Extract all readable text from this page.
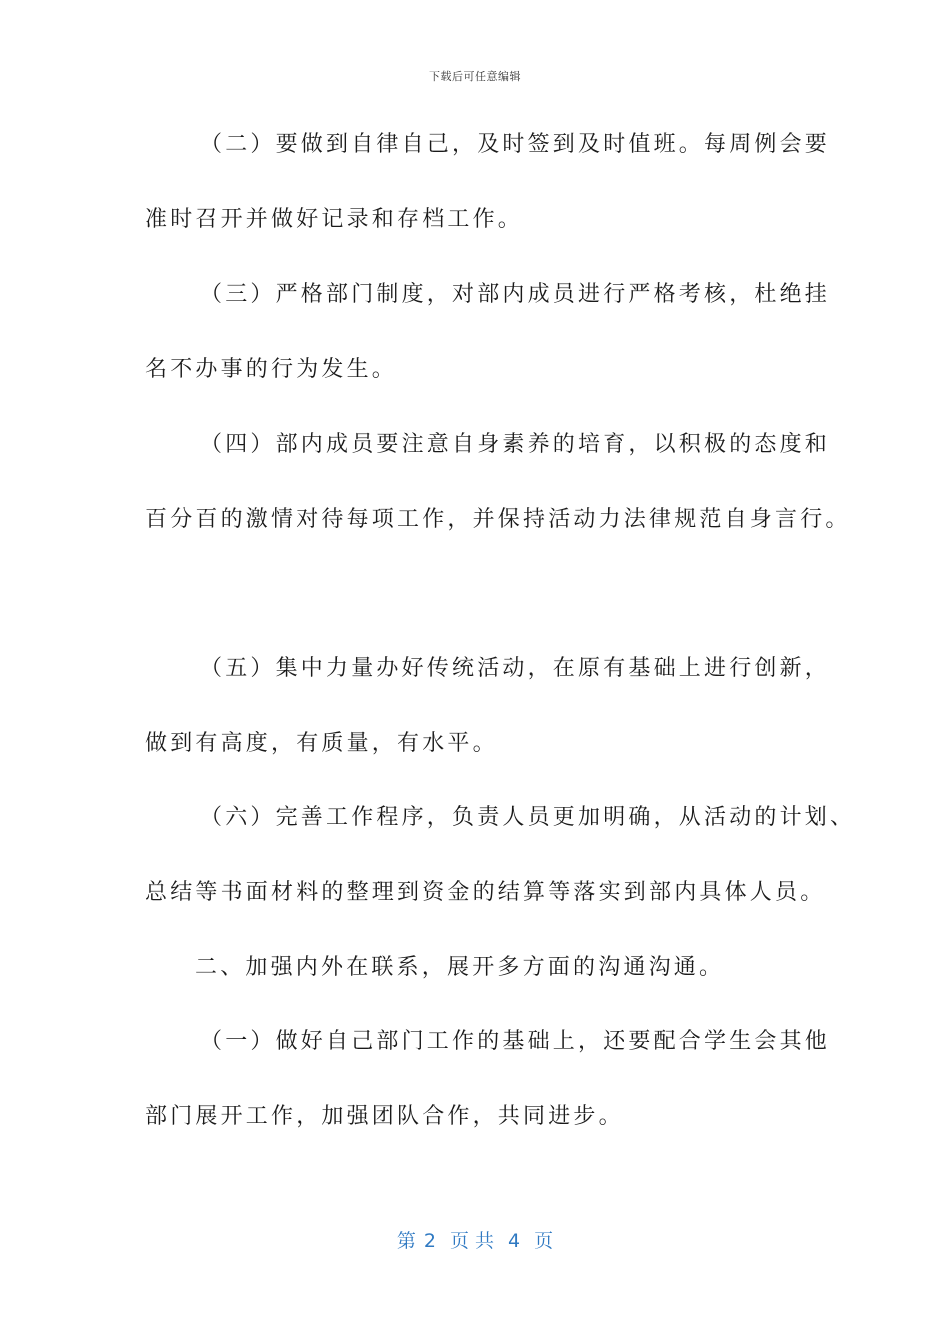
下载后可任意编辑
（二）要做到自律自己，及时签到及时值班。每周例会要
准时召开并做好记录和存档工作。
（三）严格部门制度，对部内成员进行严格考核，杜绝挂
名不办事的行为发生。
（四）部内成员要注意自身素养的培育，以积极的态度和
百分百的激情对待每项工作，并保持活动力法律规范自身言行。
（五）集中力量办好传统活动，在原有基础上进行创新，
做到有高度，有质量，有水平。
（六）完善工作程序，负责人员更加明确，从活动的计划、
总结等书面材料的整理到资金的结算等落实到部内具体人员。
二、加强内外在联系，展开多方面的沟通沟通。
（一）做好自己部门工作的基础上，还要配合学生会其他
部门展开工作，加强团队合作，共同进步。
第 2 页共 4 页
